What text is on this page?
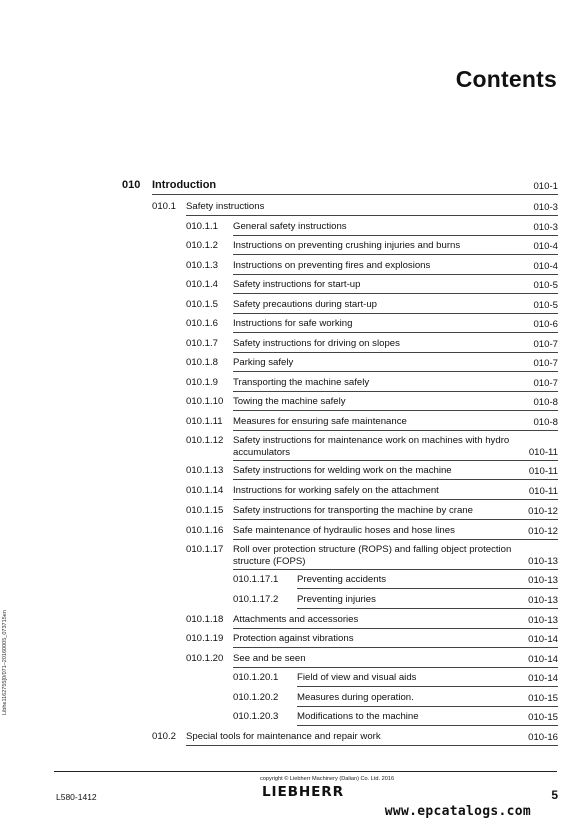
Contents
010 Introduction	010-1
010.1 Safety instructions	010-3
010.1.1 General safety instructions	010-3
010.1.2 Instructions on preventing crushing injuries and burns	010-4
010.1.3 Instructions on preventing fires and explosions	010-4
010.1.4 Safety instructions for start-up	010-5
010.1.5 Safety precautions during start-up	010-5
010.1.6 Instructions for safe working	010-6
010.1.7 Safety instructions for driving on slopes	010-7
010.1.8 Parking safely	010-7
010.1.9 Transporting the machine safely	010-7
010.1.10 Towing the machine safely	010-8
010.1.11 Measures for ensuring safe maintenance	010-8
010.1.12 Safety instructions for maintenance work on machines with hydro accumulators	010-11
010.1.13 Safety instructions for welding work on the machine	010-11
010.1.14 Instructions for working safely on the attachment	010-11
010.1.15 Safety instructions for transporting the machine by crane	010-12
010.1.16 Safe maintenance of hydraulic hoses and hose lines	010-12
010.1.17 Roll over protection structure (ROPS) and falling object protection structure (FOPS)	010-13
010.1.17.1 Preventing accidents	010-13
010.1.17.2 Preventing injuries	010-13
010.1.18 Attachments and accessories	010-13
010.1.19 Protection against vibrations	010-14
010.1.20 See and be seen	010-14
010.1.20.1 Field of view and visual aids	010-14
010.1.20.2 Measures during operation.	010-15
010.1.20.3 Modifications to the machine	010-15
010.2 Special tools for maintenance and repair work	010-16
Libhe1162755[0/071–20160005_073715en
copyright © Liebherr Machinery (Dalian) Co. Ltd. 2016
LIEBHERR
L580-1412	5
www.epcatalogs.com
